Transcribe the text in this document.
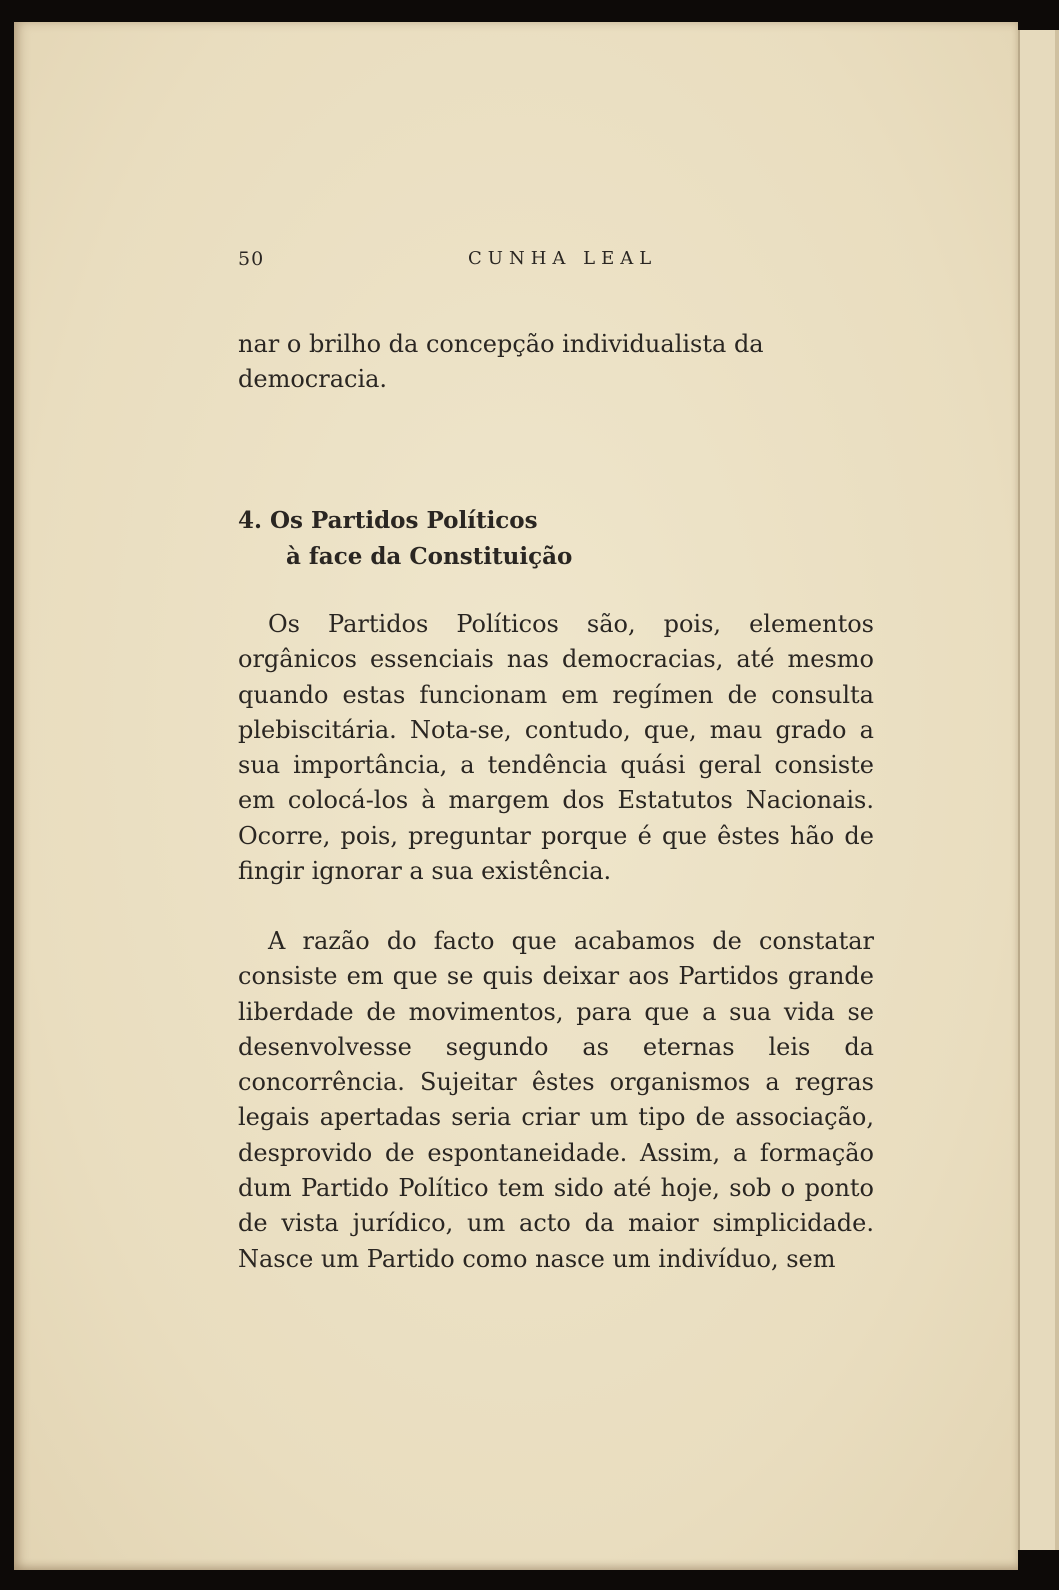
50	CUNHA LEAL

nar o brilho da concepção individualista da democracia.

4. Os Partidos Políticos
à face da Constituição

Os Partidos Políticos são, pois, elementos orgânicos essenciais nas democracias, até mesmo quando estas funcionam em regímen de consulta plebiscitária. Nota-se, contudo, que, mau grado a sua importância, a tendência quási geral consiste em colocá-los à margem dos Estatutos Nacionais. Ocorre, pois, preguntar porque é que êstes hão de fingir ignorar a sua existência.

A razão do facto que acabamos de constatar consiste em que se quis deixar aos Partidos grande liberdade de movimentos, para que a sua vida se desenvolvesse segundo as eternas leis da concorrência. Sujeitar êstes organismos a regras legais apertadas seria criar um tipo de associação, desprovido de espontaneidade. Assim, a formação dum Partido Político tem sido até hoje, sob o ponto de vista jurídico, um acto da maior simplicidade. Nasce um Partido como nasce um indivíduo, sem
